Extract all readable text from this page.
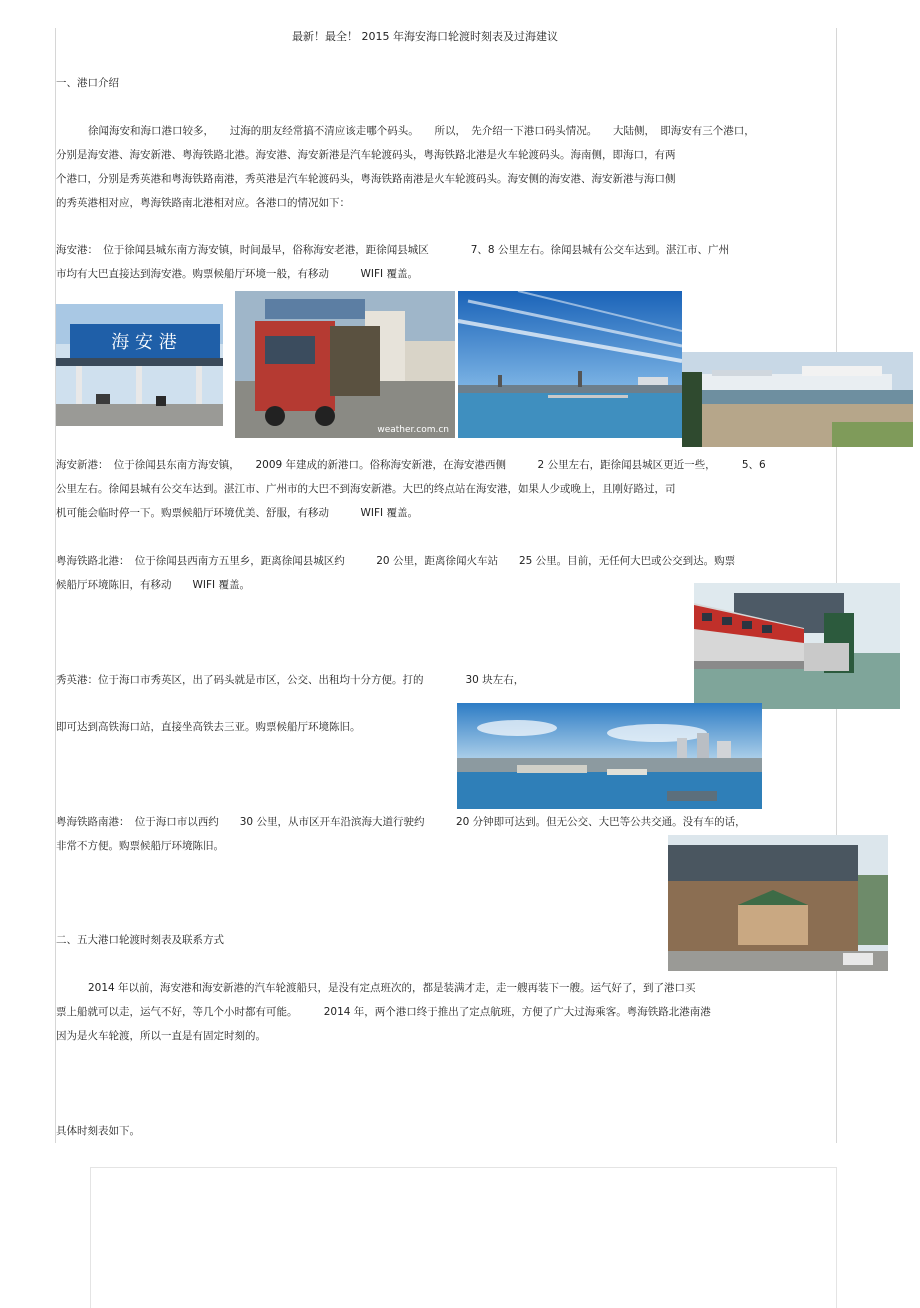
最新！最全！ 2015 年海安海口轮渡时刻表及过海建议
一、港口介绍
徐闻海安和海口港口较多，　　过海的朋友经常搞不清应该走哪个码头。　　所以，　先介绍一下港口码头情况。　　大陆侧，　即海安有三个港口，
分别是海安港、海安新港、粤海铁路北港。海安港、海安新港是汽车轮渡码头，粤海铁路北港是火车轮渡码头。海南侧，即海口，有两
个港口，分别是秀英港和粤海铁路南港，秀英港是汽车轮渡码头，粤海铁路南港是火车轮渡码头。海安侧的海安港、海安新港与海口侧
的秀英港相对应，粤海铁路南北港相对应。各港口的情况如下：
海安港：　位于徐闻县城东南方海安镇，时间最早，俗称海安老港，距徐闻县城区　　　　7、8 公里左右。徐闻县城有公交车达到。湛江市、广州
市均有大巴直接达到海安港。购票候船厅环境一般，有移动　　　WIFI 覆盖。
海 安 港
weather.com.cn
海安新港：　位于徐闻县东南方海安镇，　　2009 年建成的新港口。俗称海安新港，在海安港西侧　　　2 公里左右，距徐闻县城区更近一些，　　　5、6
公里左右。徐闻县城有公交车达到。湛江市、广州市的大巴不到海安新港。大巴的终点站在海安港，如果人少或晚上，且刚好路过，司
机可能会临时停一下。购票候船厅环境优美、舒服，有移动　　　WIFI 覆盖。
粤海铁路北港：　位于徐闻县西南方五里乡，距离徐闻县城区约　　　20 公里，距离徐闻火车站　　25 公里。目前，无任何大巴或公交到达。购票
候船厅环境陈旧，有移动　　WIFI 覆盖。
秀英港：位于海口市秀英区，出了码头就是市区，公交、出租均十分方便。打的　　　　30 块左右，
即可达到高铁海口站，直接坐高铁去三亚。购票候船厅环境陈旧。
粤海铁路南港：　位于海口市以西约　　30 公里，从市区开车沿滨海大道行驶约　　　20 分钟即可达到。但无公交、大巴等公共交通。没有车的话，
非常不方便。购票候船厅环境陈旧。
二、五大港口轮渡时刻表及联系方式
2014 年以前，海安港和海安新港的汽车轮渡船只，是没有定点班次的，都是装满才走，走一艘再装下一艘。运气好了，到了港口买
票上船就可以走，运气不好，等几个小时都有可能。　　　2014 年，两个港口终于推出了定点航班，方便了广大过海乘客。粤海铁路北港南港
因为是火车轮渡，所以一直是有固定时刻的。
具体时刻表如下。
